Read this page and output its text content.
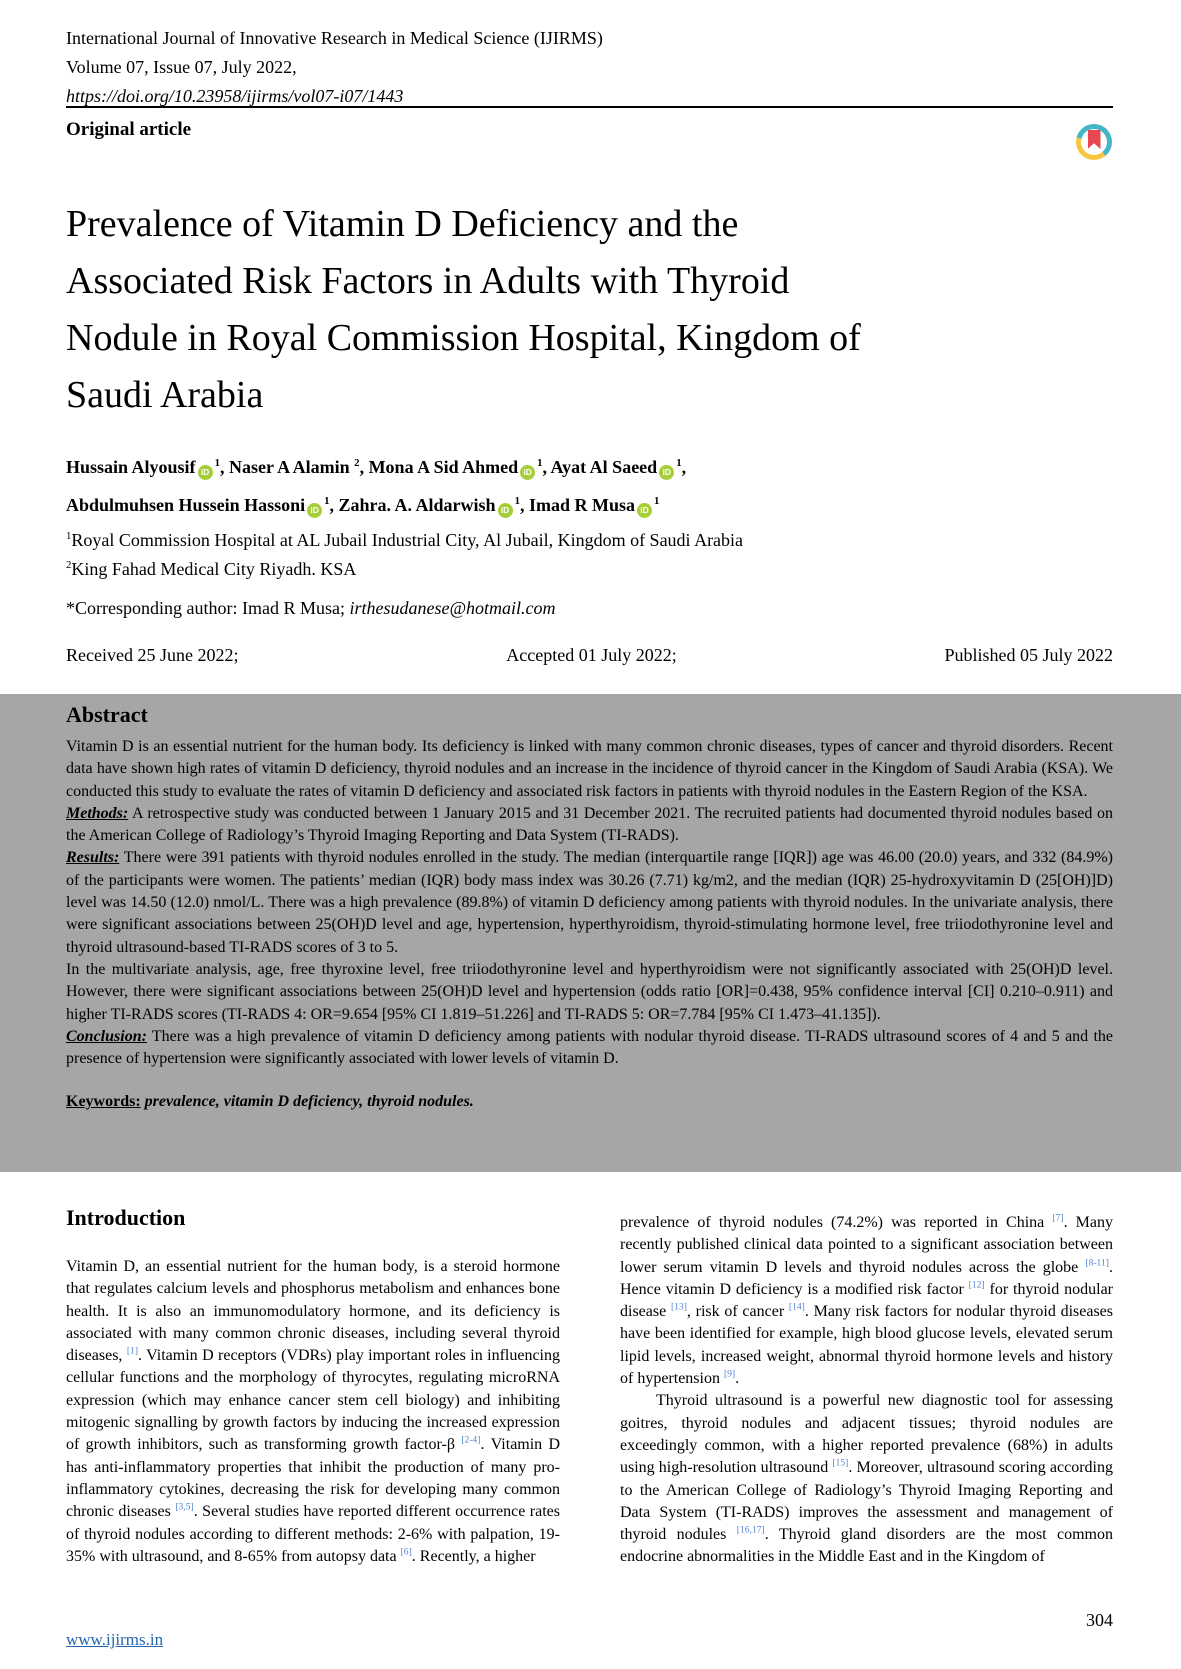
International Journal of Innovative Research in Medical Science (IJIRMS)
Volume 07, Issue 07, July 2022,
https://doi.org/10.23958/ijirms/vol07-i07/1443
Original article
Prevalence of Vitamin D Deficiency and the
Associated Risk Factors in Adults with Thyroid
Nodule in Royal Commission Hospital, Kingdom of
Saudi Arabia
Hussain Alyousif $iD^1$, Naser A Alamin $^2$, Mona A Sid Ahmed $iD^1$, Ayat Al Saeed $iD^1$,
Abdulmuhsen Hussein Hassoni $iD^1$, Zahra. A. Aldarwish $iD^1$, Imad R Musa $iD^1$
$^1$Royal Commission Hospital at AL Jubail Industrial City, Al Jubail, Kingdom of Saudi Arabia
$^2$King Fahad Medical City Riyadh. KSA
*Corresponding author: Imad R Musa; irthesudanese@hotmail.com
Received 25 June 2022;	Accepted 01 July 2022;	Published 05 July 2022
Abstract

Vitamin D is an essential nutrient for the human body. Its deficiency is linked with many common chronic diseases, types of cancer and thyroid disorders. Recent data have shown high rates of vitamin D deficiency, thyroid nodules and an increase in the incidence of thyroid cancer in the Kingdom of Saudi Arabia (KSA). We conducted this study to evaluate the rates of vitamin D deficiency and associated risk factors in patients with thyroid nodules in the Eastern Region of the KSA.

Methods: A retrospective study was conducted between 1 January 2015 and 31 December 2021. The recruited patients had documented thyroid nodules based on the American College of Radiology’s Thyroid Imaging Reporting and Data System (TI-RADS).

Results: There were 391 patients with thyroid nodules enrolled in the study. The median (interquartile range [IQR]) age was 46.00 (20.0) years, and 332 (84.9%) of the participants were women. The patients’ median (IQR) body mass index was 30.26 (7.71) kg/m2, and the median (IQR) 25-hydroxyvitamin D (25[OH)]D) level was 14.50 (12.0) nmol/L. There was a high prevalence (89.8%) of vitamin D deficiency among patients with thyroid nodules. In the univariate analysis, there were significant associations between 25(OH)D level and age, hypertension, hyperthyroidism, thyroid-stimulating hormone level, free triiodothyronine level and thyroid ultrasound-based TI-RADS scores of 3 to 5.

In the multivariate analysis, age, free thyroxine level, free triiodothyronine level and hyperthyroidism were not significantly associated with 25(OH)D level. However, there were significant associations between 25(OH)D level and hypertension (odds ratio [OR]=0.438, 95% confidence interval [CI] 0.210–0.911) and higher TI-RADS scores (TI-RADS 4: OR=9.654 [95% CI 1.819–51.226] and TI-RADS 5: OR=7.784 [95% CI 1.473–41.135]).

Conclusion: There was a high prevalence of vitamin D deficiency among patients with nodular thyroid disease. TI-RADS ultrasound scores of 4 and 5 and the presence of hypertension were significantly associated with lower levels of vitamin D.

Keywords: prevalence, vitamin D deficiency, thyroid nodules.

Introduction

Vitamin D, an essential nutrient for the human body, is a steroid hormone that regulates calcium levels and phosphorus metabolism and enhances bone health. It is also an immunomodulatory hormone, and its deficiency is associated with many common chronic diseases, including several thyroid diseases, [1]. Vitamin D receptors (VDRs) play important roles in influencing cellular functions and the morphology of thyrocytes, regulating microRNA expression (which may enhance cancer stem cell biology) and inhibiting mitogenic signalling by growth factors by inducing the increased expression of growth inhibitors, such as transforming growth factor-β [2-4]. Vitamin D has anti-inflammatory properties that inhibit the production of many pro-inflammatory cytokines, decreasing the risk for developing many common chronic diseases [3,5]. Several studies have reported different occurrence rates of thyroid nodules according to different methods: 2-6% with palpation, 19-35% with ultrasound, and 8-65% from autopsy data [6]. Recently, a higher

prevalence of thyroid nodules (74.2%) was reported in China [7]. Many recently published clinical data pointed to a significant association between lower serum vitamin D levels and thyroid nodules across the globe [8-11]. Hence vitamin D deficiency is a modified risk factor [12] for thyroid nodular disease [13], risk of cancer [14]. Many risk factors for nodular thyroid diseases have been identified for example, high blood glucose levels, elevated serum lipid levels, increased weight, abnormal thyroid hormone levels and history of hypertension [9].

Thyroid ultrasound is a powerful new diagnostic tool for assessing goitres, thyroid nodules and adjacent tissues; thyroid nodules are exceedingly common, with a higher reported prevalence (68%) in adults using high-resolution ultrasound [15]. Moreover, ultrasound scoring according to the American College of Radiology’s Thyroid Imaging Reporting and Data System (TI-RADS) improves the assessment and management of thyroid nodules [16,17]. Thyroid gland disorders are the most common endocrine abnormalities in the Middle East and in the Kingdom of

www.ijirms.in
304
